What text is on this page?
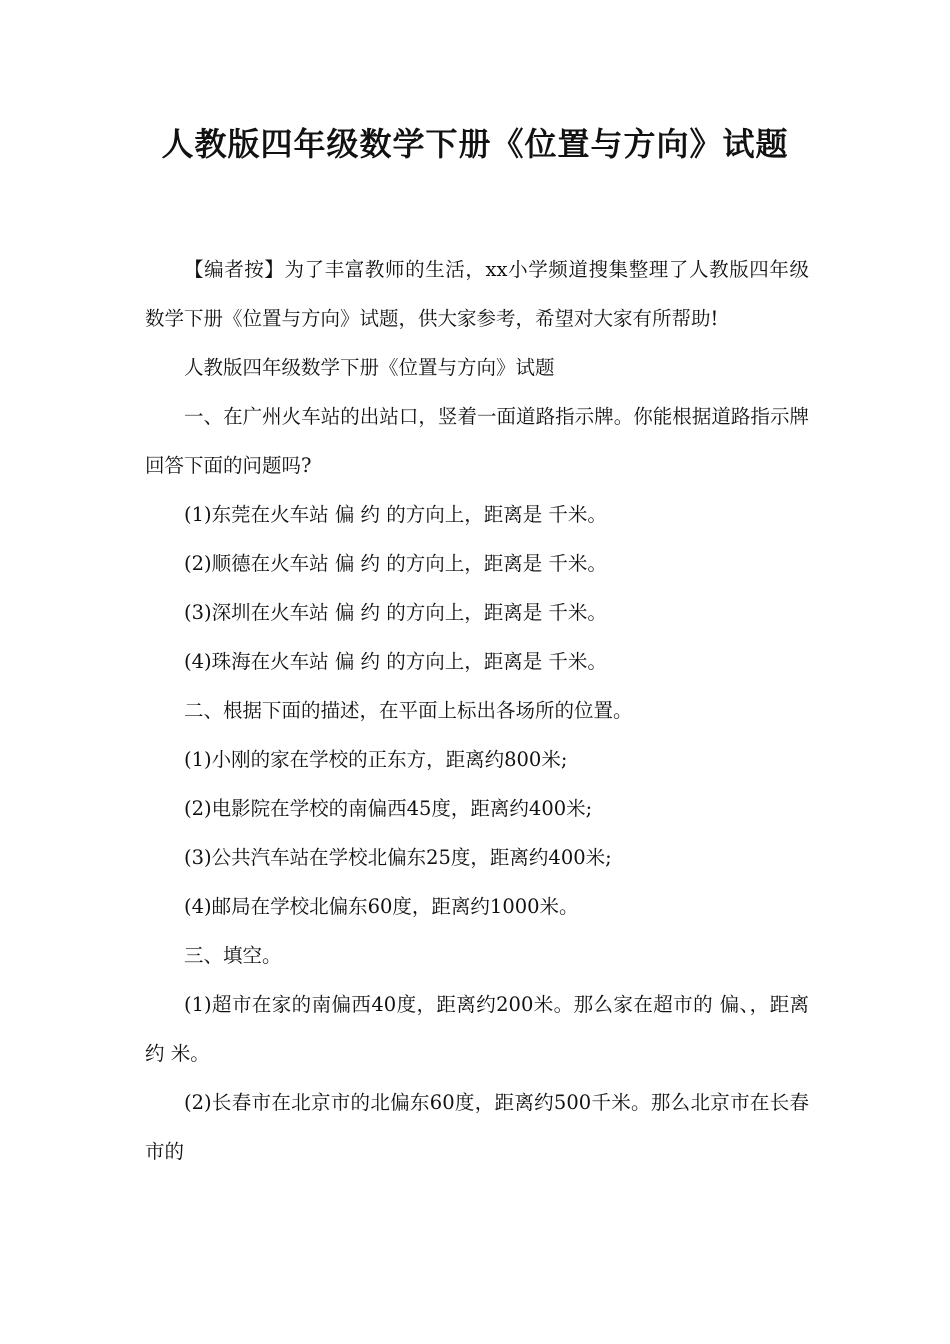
人教版四年级数学下册《位置与方向》试题

【编者按】为了丰富教师的生活，xx小学频道搜集整理了人教版四年级数学下册《位置与方向》试题，供大家参考，希望对大家有所帮助!

人教版四年级数学下册《位置与方向》试题

一、在广州火车站的出站口，竖着一面道路指示牌。你能根据道路指示牌回答下面的问题吗?

(1)东莞在火车站 偏 约 的方向上，距离是 千米。

(2)顺德在火车站 偏 约 的方向上，距离是 千米。

(3)深圳在火车站 偏 约 的方向上，距离是 千米。

(4)珠海在火车站 偏 约 的方向上，距离是 千米。

二、根据下面的描述，在平面上标出各场所的位置。

(1)小刚的家在学校的正东方，距离约800米;

(2)电影院在学校的南偏西45度，距离约400米;

(3)公共汽车站在学校北偏东25度，距离约400米;

(4)邮局在学校北偏东60度，距离约1000米。

三、填空。

(1)超市在家的南偏西40度，距离约200米。那么家在超市的 偏、，距离约 米。

(2)长春市在北京市的北偏东60度，距离约500千米。那么北京市在长春市的
